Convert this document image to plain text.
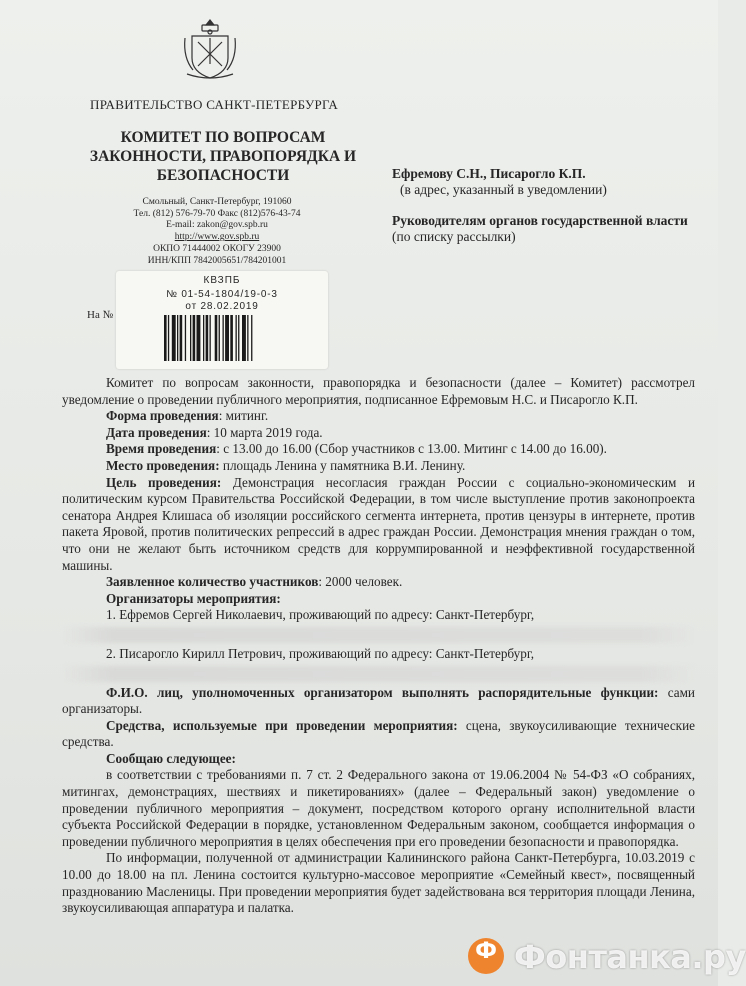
ПРАВИТЕЛЬСТВО САНКТ-ПЕТЕРБУРГА
КОМИТЕТ ПО ВОПРОСАМ
ЗАКОННОСТИ, ПРАВОПОРЯДКА И
БЕЗОПАСНОСТИ
Смольный, Санкт-Петербург, 191060
Тел. (812) 576-79-70 Факс (812)576-43-74
E-mail: zakon@gov.spb.ru
http://www.gov.spb.ru
ОКПО 71444002 ОКОГУ 23900
ИНН/КПП 7842005651/784201001
Ефремову С.Н., Писарогло К.П.
(в адрес, указанный в уведомлении)
Руководителям органов государственной власти
(по списку рассылки)
На №
КВЗПБ
№ 01-54-1804/19-0-3
от 28.02.2019

Комитет по вопросам законности, правопорядка и безопасности (далее – Комитет) рассмотрел уведомление о проведении публичного мероприятия, подписанное Ефремовым Н.С. и Писарогло К.П.

Форма проведения: митинг.

Дата проведения: 10 марта 2019 года.

Время проведения: с 13.00 до 16.00 (Сбор участников с 13.00. Митинг с 14.00 до 16.00).

Место проведения: площадь Ленина у памятника В.И. Ленину.

Цель проведения: Демонстрация несогласия граждан России с социально-экономическим и политическим курсом Правительства Российской Федерации, в том числе выступление против законопроекта сенатора Андрея Клишаса об изоляции российского сегмента интернета, против цензуры в интернете, против пакета Яровой, против политических репрессий в адрес граждан России. Демонстрация мнения граждан о том, что они не желают быть источником средств для коррумпированной и неэффективной государственной машины.

Заявленное количество участников: 2000 человек.

Организаторы мероприятия:

1. Ефремов Сергей Николаевич, проживающий по адресу: Санкт-Петербург,

2. Писарогло Кирилл Петрович, проживающий по адресу: Санкт-Петербург,

Ф.И.О. лиц, уполномоченных организатором выполнять распорядительные функции: сами организаторы.

Средства, используемые при проведении мероприятия: сцена, звукоусиливающие технические средства.

Сообщаю следующее:

в соответствии с требованиями п. 7 ст. 2 Федерального закона от 19.06.2004 № 54-ФЗ «О собраниях, митингах, демонстрациях, шествиях и пикетированиях» (далее – Федеральный закон) уведомление о проведении публичного мероприятия – документ, посредством которого органу исполнительной власти субъекта Российской Федерации в порядке, установленном Федеральным законом, сообщается информация о проведении публичного мероприятия в целях обеспечения при его проведении безопасности и правопорядка.

По информации, полученной от администрации Калининского района Санкт-Петербурга, 10.03.2019 с 10.00 до 18.00 на пл. Ленина состоится культурно-массовое мероприятие «Семейный квест», посвященный празднованию Масленицы. При проведении мероприятия будет задействована вся территория площади Ленина, звукоусиливающая аппаратура и палатка.

Ф Фонтанка.ру
